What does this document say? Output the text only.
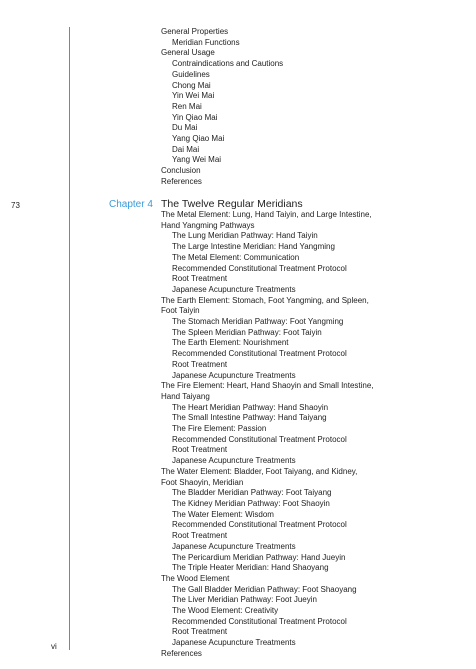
73	Chapter 4 The Twelve Regular Meridians
vi
General Properties
Meridian Functions
General Usage
Contraindications and Cautions
Guidelines
Chong Mai
Yin Wei Mai
Ren Mai
Yin Qiao Mai
Du Mai
Yang Qiao Mai
Dai Mai
Yang Wei Mai
Conclusion
References
The Metal Element: Lung, Hand Taiyin, and Large Intestine,
Hand Yangming Pathways
The Lung Meridian Pathway: Hand Taiyin
The Large Intestine Meridian: Hand Yangming
The Metal Element: Communication
Recommended Constitutional Treatment Protocol
Root Treatment
Japanese Acupuncture Treatments
The Earth Element: Stomach, Foot Yangming, and Spleen,
Foot Taiyin
The Stomach Meridian Pathway: Foot Yangming
The Spleen Meridian Pathway: Foot Taiyin
The Earth Element: Nourishment
Recommended Constitutional Treatment Protocol
Root Treatment
Japanese Acupuncture Treatments
The Fire Element: Heart, Hand Shaoyin and Small Intestine,
Hand Taiyang
The Heart Meridian Pathway: Hand Shaoyin
The Small Intestine Pathway: Hand Taiyang
The Fire Element: Passion
Recommended Constitutional Treatment Protocol
Root Treatment
Japanese Acupuncture Treatments
The Water Element: Bladder, Foot Taiyang, and Kidney,
Foot Shaoyin, Meridian
The Bladder Meridian Pathway: Foot Taiyang
The Kidney Meridian Pathway: Foot Shaoyin
The Water Element: Wisdom
Recommended Constitutional Treatment Protocol
Root Treatment
Japanese Acupuncture Treatments
The Pericardium Meridian Pathway: Hand Jueyin
The Triple Heater Meridian: Hand Shaoyang
The Wood Element
The Gall Bladder Meridian Pathway: Foot Shaoyang
The Liver Meridian Pathway: Foot Jueyin
The Wood Element: Creativity
Recommended Constitutional Treatment Protocol
Root Treatment
Japanese Acupuncture Treatments
References
